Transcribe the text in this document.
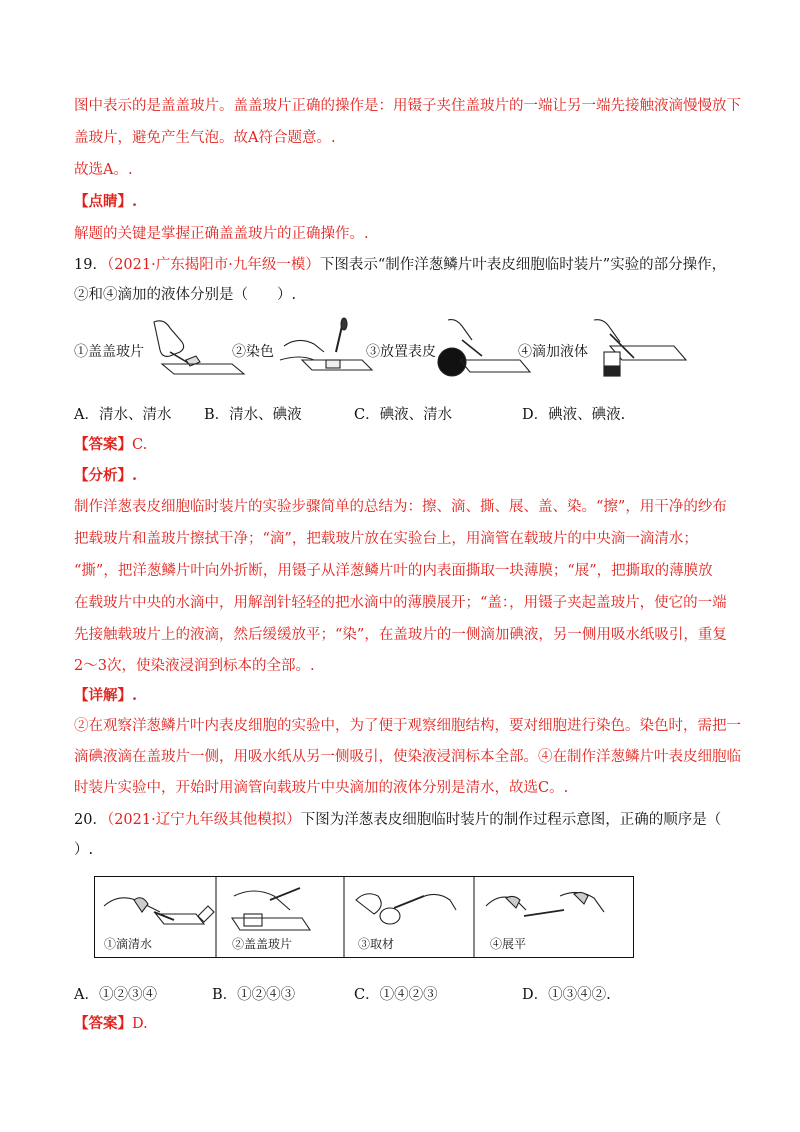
图中表示的是盖盖玻片。盖盖玻片正确的操作是：用镊子夹住盖玻片的一端让另一端先接触液滴慢慢放下
盖玻片，避免产生气泡。故A符合题意。.
故选A。.
【点睛】.
解题的关键是掌握正确盖盖玻片的正确操作。.
19．（2021·广东揭阳市·九年级一模）下图表示“制作洋葱鳞片叶表皮细胞临时装片”实验的部分操作，
②和④滴加的液体分别是（　　）.
①盖盖玻片	②染色	③放置表皮	④滴加液体
A．清水、清水 B．清水、碘液	C．碘液、清水	D．碘液、碘液.
【答案】C.
【分析】.
制作洋葱表皮细胞临时装片的实验步骤简单的总结为：擦、滴、撕、展、盖、染。“擦”，用干净的纱布
把载玻片和盖玻片擦拭干净；“滴”，把载玻片放在实验台上，用滴管在载玻片的中央滴一滴清水；
“撕”，把洋葱鳞片叶向外折断，用镊子从洋葱鳞片叶的内表面撕取一块薄膜；“展”，把撕取的薄膜放
在载玻片中央的水滴中，用解剖针轻轻的把水滴中的薄膜展开；“盖：，用镊子夹起盖玻片，使它的一端
先接触载玻片上的液滴，然后缓缓放平；“染”，在盖玻片的一侧滴加碘液，另一侧用吸水纸吸引，重复
2～3次，使染液浸润到标本的全部。.
【详解】.
②在观察洋葱鳞片叶内表皮细胞的实验中，为了便于观察细胞结构，要对细胞进行染色。染色时，需把一
滴碘液滴在盖玻片一侧，用吸水纸从另一侧吸引，使染液浸润标本全部。④在制作洋葱鳞片叶表皮细胞临
时装片实验中，开始时用滴管向载玻片中央滴加的液体分别是清水，故选C。.
20．（2021·辽宁九年级其他模拟）下图为洋葱表皮细胞临时装片的制作过程示意图，正确的顺序是（
）.
①滴清水	②盖盖玻片	③取材	④展平
A．①②③④	B．①②④③	C．①④②③	D．①③④②.
【答案】D.
